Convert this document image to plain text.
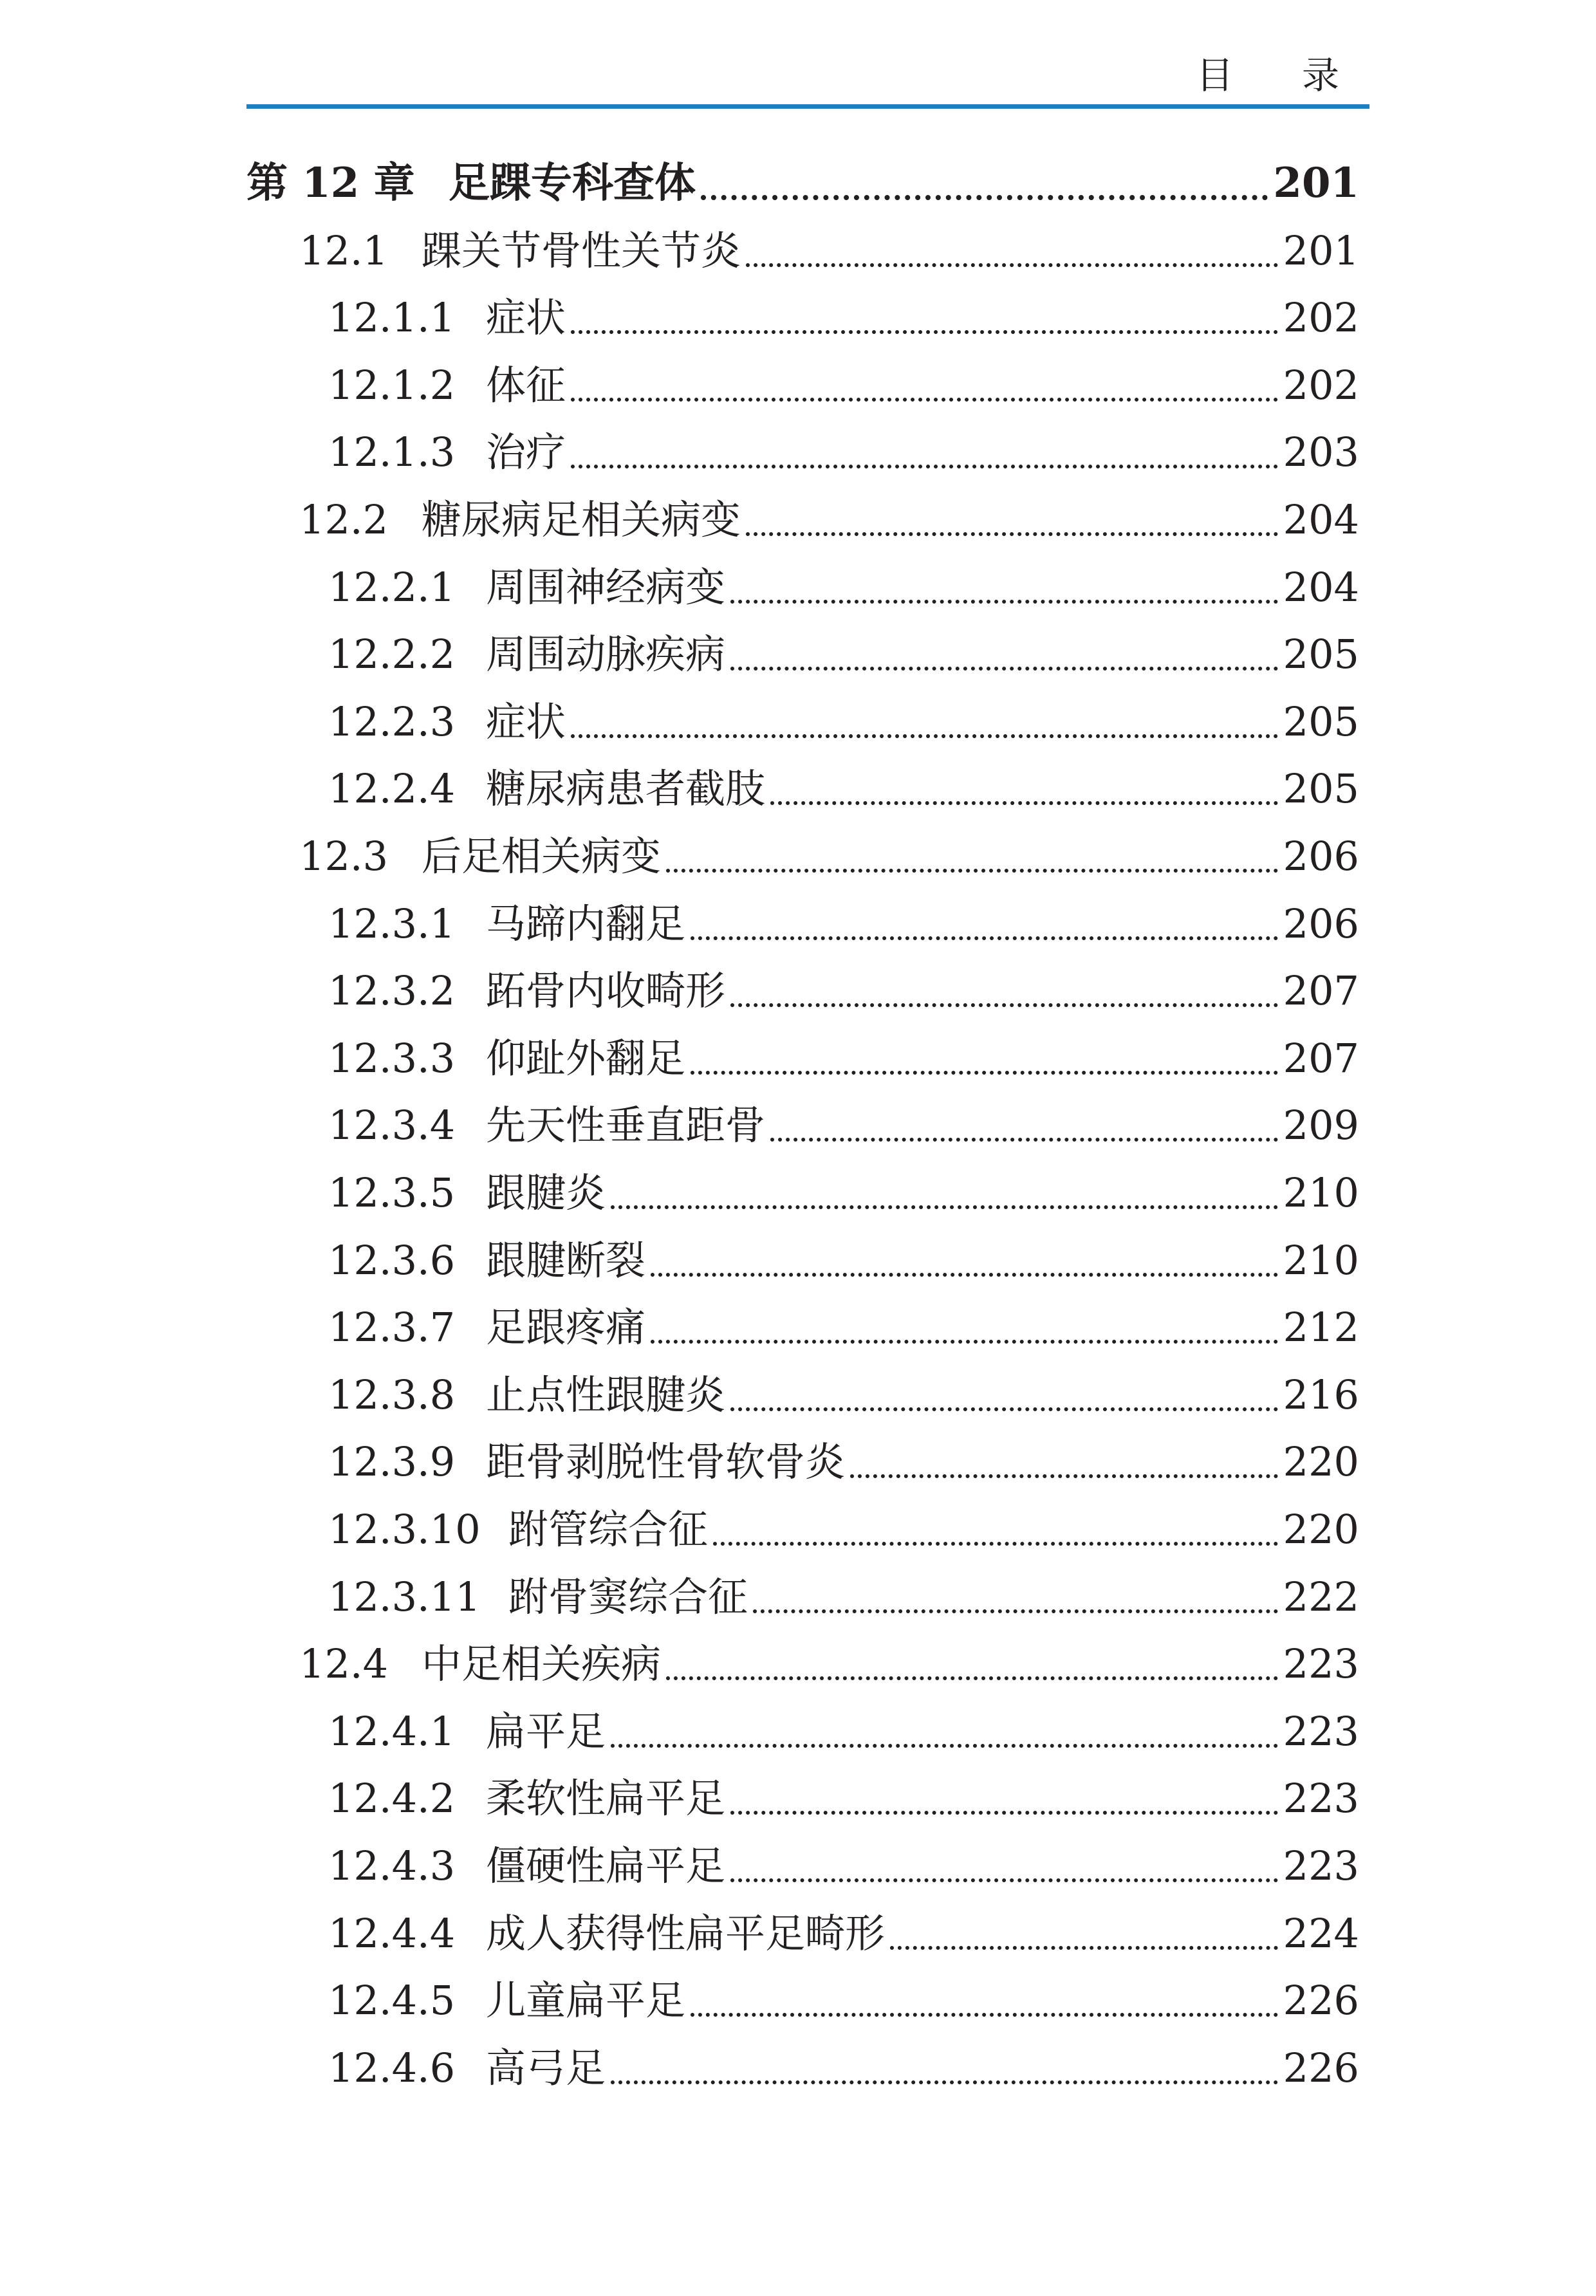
目 录
第 12 章 足踝专科查体	201
12.1 踝关节骨性关节炎	201
12.1.1 症状	202
12.1.2 体征	202
12.1.3 治疗	203
12.2 糖尿病足相关病变	204
12.2.1 周围神经病变	204
12.2.2 周围动脉疾病	205
12.2.3 症状	205
12.2.4 糖尿病患者截肢	205
12.3 后足相关病变	206
12.3.1 马蹄内翻足	206
12.3.2 跖骨内收畸形	207
12.3.3 仰趾外翻足	207
12.3.4 先天性垂直距骨	209
12.3.5 跟腱炎	210
12.3.6 跟腱断裂	210
12.3.7 足跟疼痛	212
12.3.8 止点性跟腱炎	216
12.3.9 距骨剥脱性骨软骨炎	220
12.3.10 跗管综合征	220
12.3.11 跗骨窦综合征	222
12.4 中足相关疾病	223
12.4.1 扁平足	223
12.4.2 柔软性扁平足	223
12.4.3 僵硬性扁平足	223
12.4.4 成人获得性扁平足畸形	224
12.4.5 儿童扁平足	226
12.4.6 高弓足	226
